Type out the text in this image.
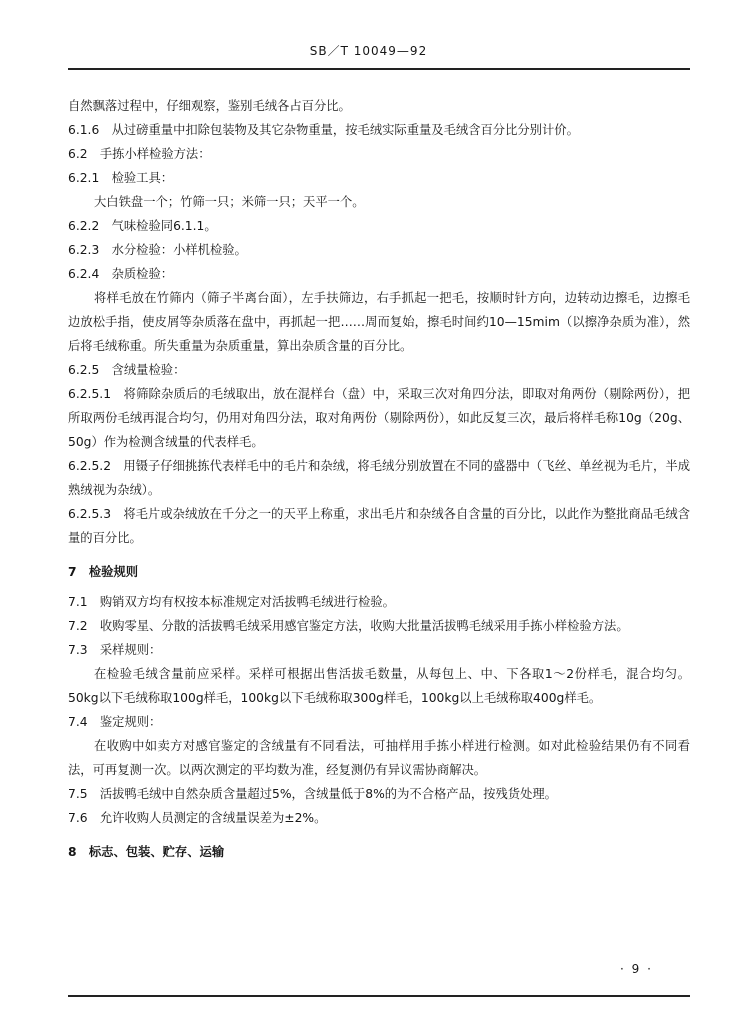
SB／T 10049—92

自然飘落过程中，仔细观察，鉴别毛绒各占百分比。

6.1.6　从过磅重量中扣除包装物及其它杂物重量，按毛绒实际重量及毛绒含百分比分别计价。

6.2　手拣小样检验方法：

6.2.1　检验工具：

大白铁盘一个；竹筛一只；米筛一只；天平一个。

6.2.2　气味检验同6.1.1。

6.2.3　水分检验：小样机检验。

6.2.4　杂质检验：

将样毛放在竹筛内（筛子半离台面），左手扶筛边，右手抓起一把毛，按顺时针方向，边转动边擦毛，边擦毛边放松手指，使皮屑等杂质落在盘中，再抓起一把……周而复始，擦毛时间约10—15mim（以擦净杂质为准），然后将毛绒称重。所失重量为杂质重量，算出杂质含量的百分比。

6.2.5　含绒量检验：

6.2.5.1　将筛除杂质后的毛绒取出，放在混样台（盘）中，采取三次对角四分法，即取对角两份（剔除两份），把所取两份毛绒再混合均匀，仍用对角四分法，取对角两份（剔除两份），如此反复三次，最后将样毛称10g（20g、50g）作为检测含绒量的代表样毛。

6.2.5.2　用镊子仔细挑拣代表样毛中的毛片和杂绒，将毛绒分别放置在不同的盛器中（飞丝、单丝视为毛片，半成熟绒视为杂绒）。

6.2.5.3　将毛片或杂绒放在千分之一的天平上称重，求出毛片和杂绒各自含量的百分比，以此作为整批商品毛绒含量的百分比。

7　检验规则

7.1　购销双方均有权按本标准规定对活拔鸭毛绒进行检验。

7.2　收购零星、分散的活拔鸭毛绒采用感官鉴定方法，收购大批量活拔鸭毛绒采用手拣小样检验方法。

7.3　采样规则：

在检验毛绒含量前应采样。采样可根据出售活拔毛数量，从每包上、中、下各取1～2份样毛，混合均匀。50kg以下毛绒称取100g样毛，100kg以下毛绒称取300g样毛，100kg以上毛绒称取400g样毛。

7.4　鉴定规则：

在收购中如卖方对感官鉴定的含绒量有不同看法，可抽样用手拣小样进行检测。如对此检验结果仍有不同看法，可再复测一次。以两次测定的平均数为准，经复测仍有异议需协商解决。

7.5　活拔鸭毛绒中自然杂质含量超过5%，含绒量低于8%的为不合格产品，按残货处理。

7.6　允许收购人员测定的含绒量误差为±2%。

8　标志、包装、贮存、运输

· 9 ·
